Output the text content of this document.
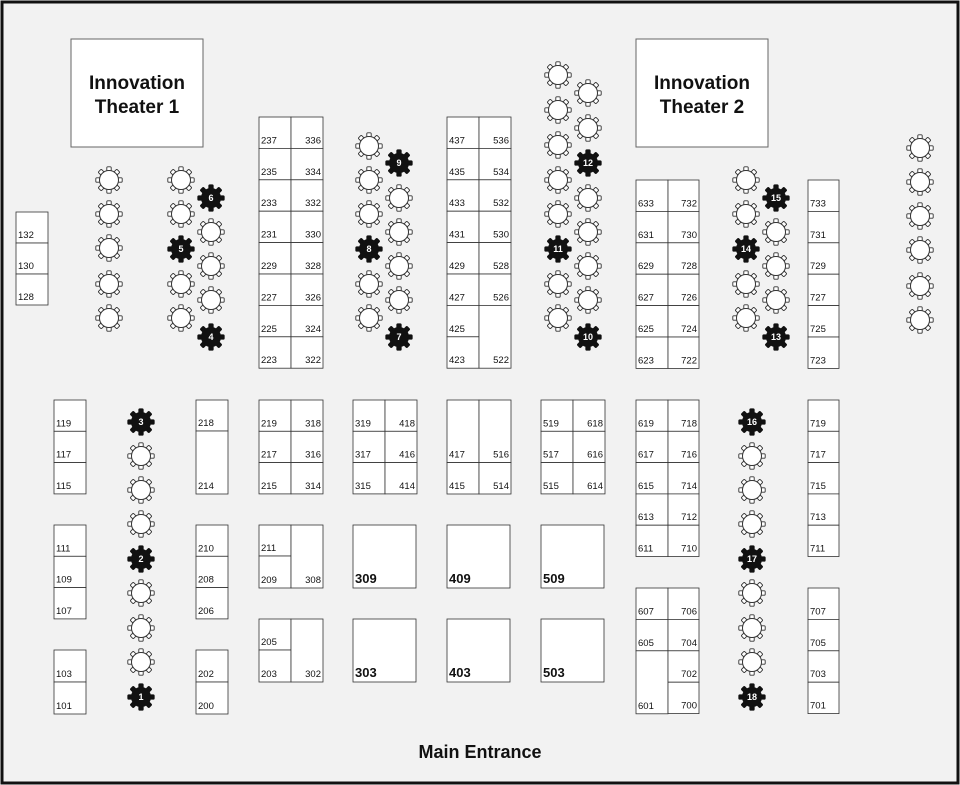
Innovation
Theater 1
Innovation
Theater 2
132
130
128
119
117
115
111
109
107
103
101
218
214
210
208
206
202
200
237
235
233
231
229
227
225
223
336
334
332
330
328
326
324
322
219
217
215
318
316
314
211
209	308
205
203	302
319
317
315
418
416
414
309
303
437
435
433
431
429
427
425
423
536
534
532
530
528
526
522
417
415
516
514
409
403
519
517
515
618
616
614
509
503
633
631
629
627
625
623
732
730
728
726
724
722
619
617
615
613
611
718
716
714
712
710
607
605
601
706
704
702
700
733
731
729
727
725
723
719
717
715
713
711
707
705
703
701
1
2
3
4
5
6
7
8
9
10
11
12
13
14
15
16
17
18
Main Entrance
